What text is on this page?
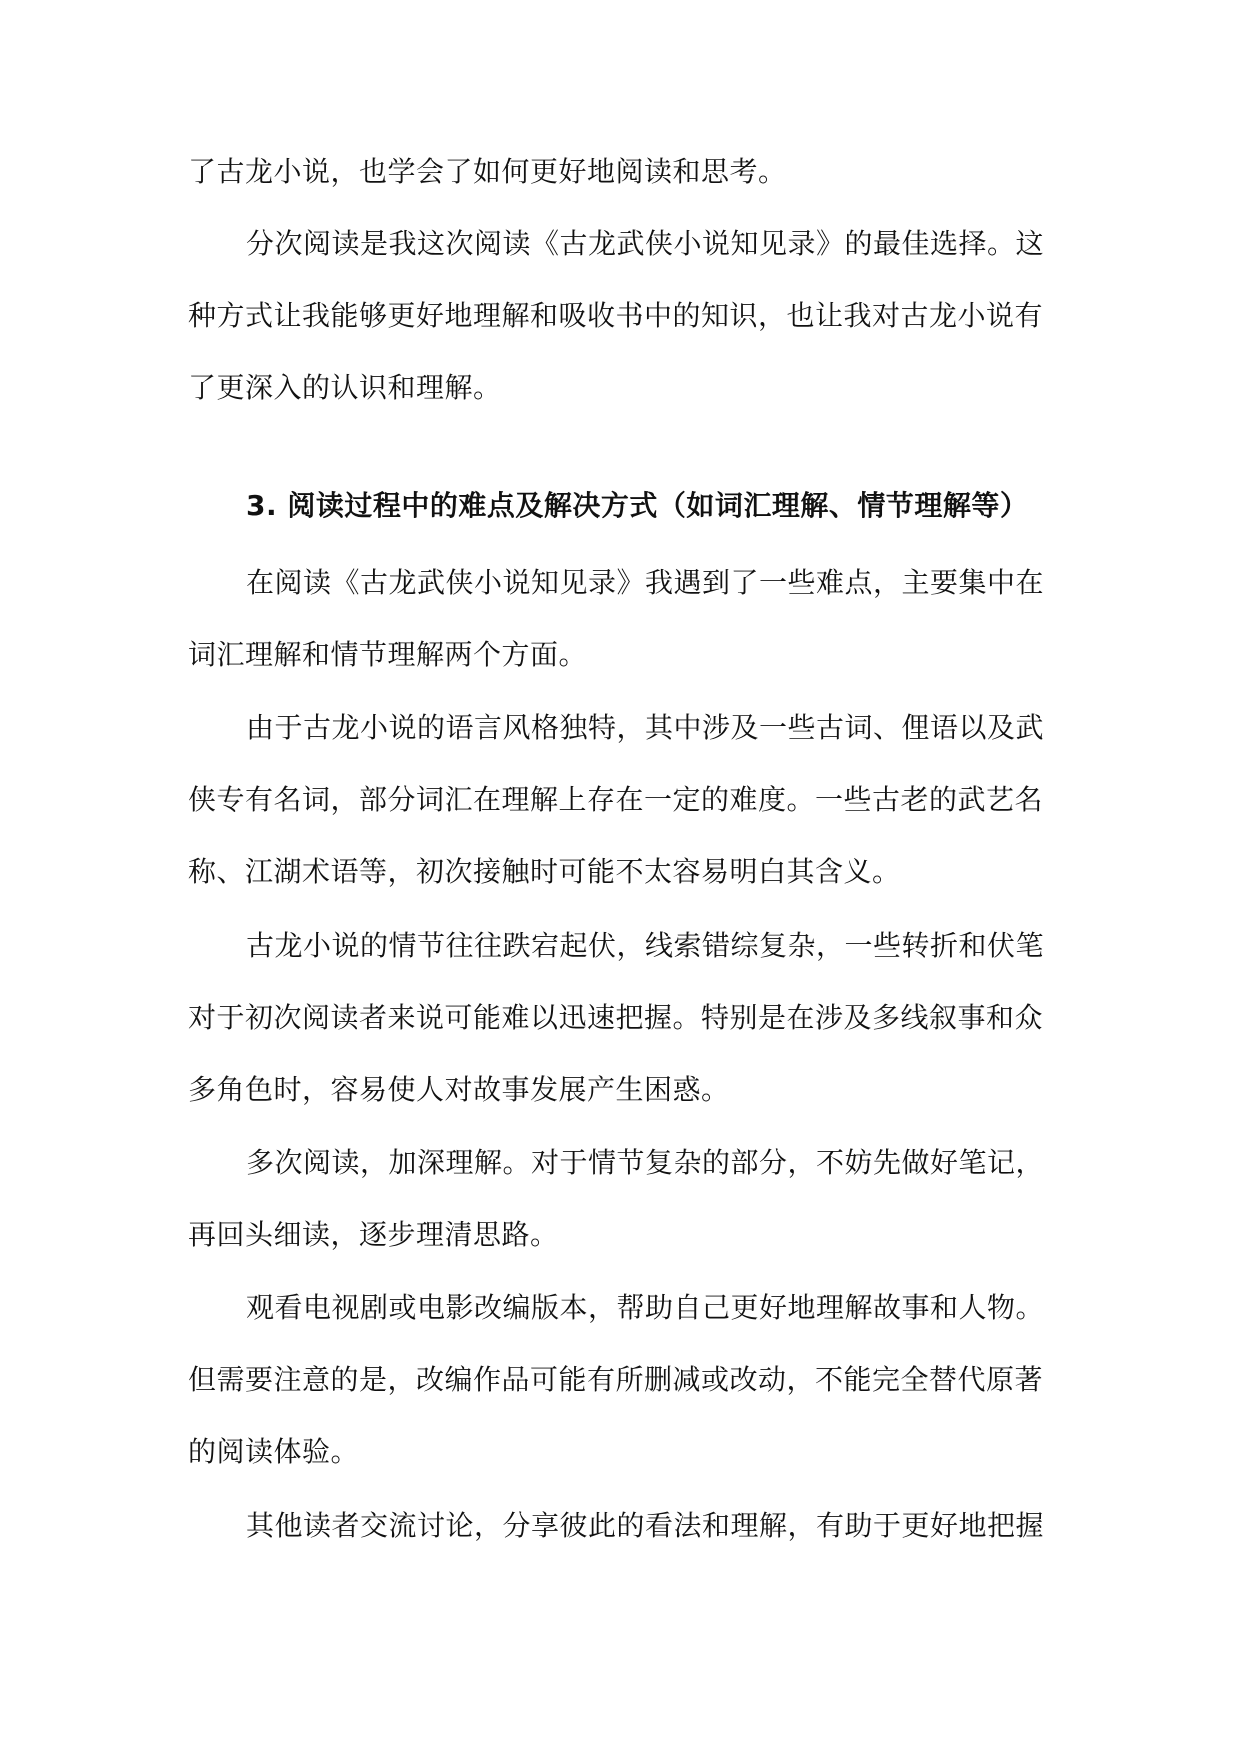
了古龙小说，也学会了如何更好地阅读和思考。
分次阅读是我这次阅读《古龙武侠小说知见录》的最佳选择。这
种方式让我能够更好地理解和吸收书中的知识，也让我对古龙小说有
了更深入的认识和理解。
3. 阅读过程中的难点及解决方式（如词汇理解、情节理解等）
在阅读《古龙武侠小说知见录》我遇到了一些难点，主要集中在
词汇理解和情节理解两个方面。
由于古龙小说的语言风格独特，其中涉及一些古词、俚语以及武
侠专有名词，部分词汇在理解上存在一定的难度。一些古老的武艺名
称、江湖术语等，初次接触时可能不太容易明白其含义。
古龙小说的情节往往跌宕起伏，线索错综复杂，一些转折和伏笔
对于初次阅读者来说可能难以迅速把握。特别是在涉及多线叙事和众
多角色时，容易使人对故事发展产生困惑。
多次阅读，加深理解。对于情节复杂的部分，不妨先做好笔记，
再回头细读，逐步理清思路。
观看电视剧或电影改编版本，帮助自己更好地理解故事和人物。
但需要注意的是，改编作品可能有所删减或改动，不能完全替代原著
的阅读体验。
其他读者交流讨论，分享彼此的看法和理解，有助于更好地把握
